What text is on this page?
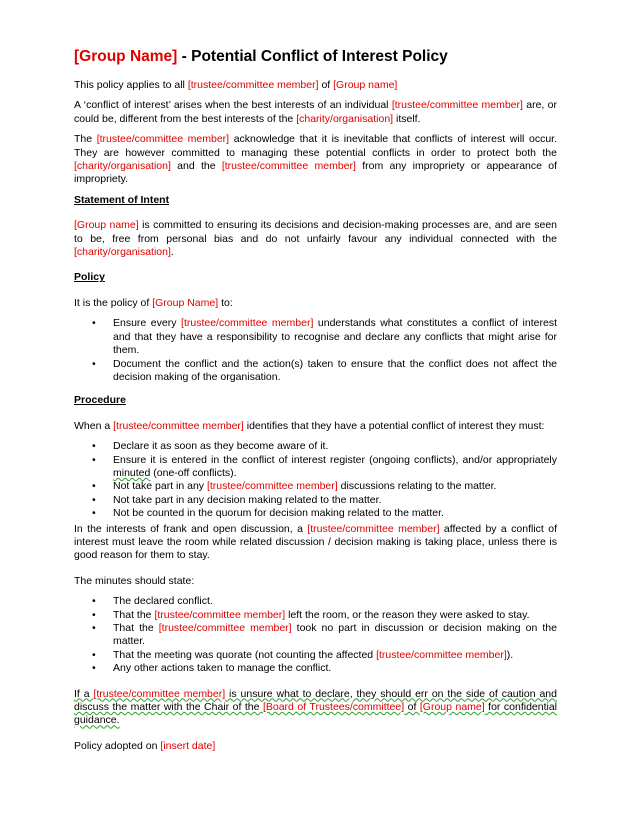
[Group Name] - Potential Conflict of Interest Policy

This policy applies to all [trustee/committee member] of [Group name]

A ‘conflict of interest’ arises when the best interests of an individual [trustee/committee member] are, or could be, different from the best interests of the [charity/organisation] itself.

The [trustee/committee member] acknowledge that it is inevitable that conflicts of interest will occur. They are however committed to managing these potential conflicts in order to protect both the [charity/organisation] and the [trustee/committee member] from any impropriety or appearance of impropriety.

Statement of Intent

[Group name] is committed to ensuring its decisions and decision-making processes are, and are seen to be, free from personal bias and do not unfairly favour any individual connected with the [charity/organisation].

Policy

It is the policy of [Group Name] to:

• Ensure every [trustee/committee member] understands what constitutes a conflict of interest and that they have a responsibility to recognise and declare any conflicts that might arise for them.
• Document the conflict and the action(s) taken to ensure that the conflict does not affect the decision making of the organisation.
Procedure

When a [trustee/committee member] identifies that they have a potential conflict of interest they must:

• Declare it as soon as they become aware of it.
• Ensure it is entered in the conflict of interest register (ongoing conflicts), and/or appropriately minuted (one-off conflicts).
• Not take part in any [trustee/committee member] discussions relating to the matter.
• Not take part in any decision making related to the matter.
• Not be counted in the quorum for decision making related to the matter.

In the interests of frank and open discussion, a [trustee/committee member] affected by a conflict of interest must leave the room while related discussion / decision making is taking place, unless there is good reason for them to stay.

The minutes should state:

• The declared conflict.
• That the [trustee/committee member] left the room, or the reason they were asked to stay.
• That the [trustee/committee member] took no part in discussion or decision making on the matter.
• That the meeting was quorate (not counting the affected [trustee/committee member]).
• Any other actions taken to manage the conflict.

If a [trustee/committee member] is unsure what to declare, they should err on the side of caution and discuss the matter with the Chair of the [Board of Trustees/committee] of [Group name] for confidential guidance.

Policy adopted on [insert date]
